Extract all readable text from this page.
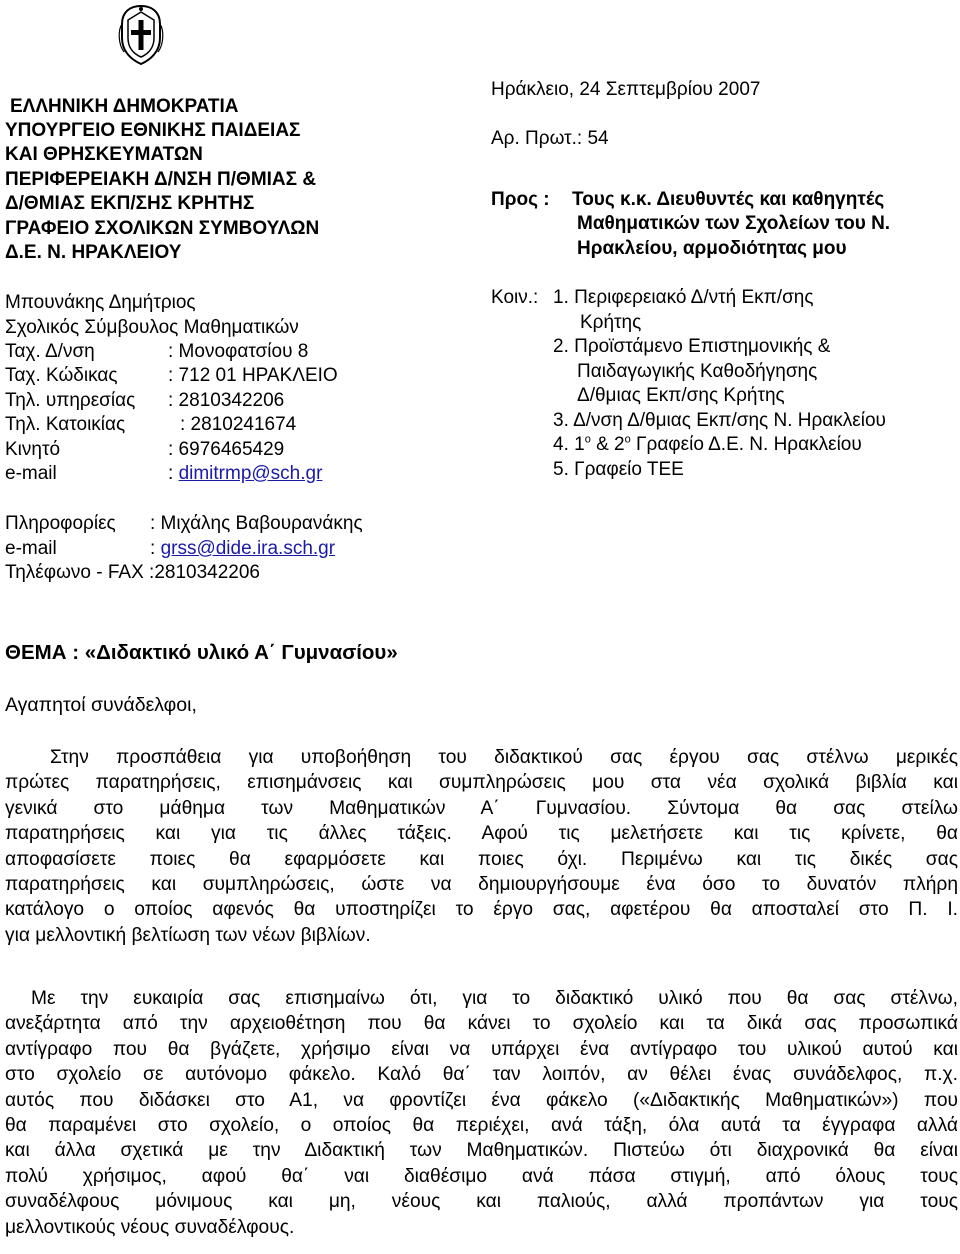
ΕΛΛΗΝΙΚΗ ΔΗΜΟΚΡΑΤΙΑ
ΥΠΟΥΡΓΕΙΟ ΕΘΝΙΚΗΣ ΠΑΙΔΕΙΑΣ
ΚΑΙ ΘΡΗΣΚΕΥΜΑΤΩΝ
ΠΕΡΙΦΕΡΕΙΑΚΗ Δ/ΝΣΗ Π/ΘΜΙΑΣ &
Δ/ΘΜΙΑΣ ΕΚΠ/ΣΗΣ ΚΡΗΤΗΣ
ΓΡΑΦΕΙΟ ΣΧΟΛΙΚΩΝ ΣΥΜΒΟΥΛΩΝ
Δ.Ε. Ν. ΗΡΑΚΛΕΙΟΥ
Μπουνάκης Δημήτριος
Σχολικός Σύμβουλος Μαθηματικών
Ταχ. Δ/νση	: Μονοφατσίου 8
Ταχ. Κώδικας	: 712 01 ΗΡΑΚΛΕΙΟ
Τηλ. υπηρεσίας : 2810342206
Τηλ. Κατοικίας	: 2810241674
Κινητό	: 6976465429
e-mail	: dimitrmp@sch.gr
Πληροφορίες : Μιχάλης Βαβουρανάκης
e-mail	: grss@dide.ira.sch.gr
Τηλέφωνο - FAX :2810342206
Ηράκλειο, 24 Σεπτεμβρίου 2007
Αρ. Πρωτ.: 54
Προς : Τους κ.κ. Διευθυντές και καθηγητές
Μαθηματικών των Σχολείων του Ν.
Ηρακλείου, αρμοδιότητας μου
Κοιν.: 1. Περιφερειακό Δ/ντή Εκπ/σης
Κρήτης
2. Προϊστάμενο Επιστημονικής &
Παιδαγωγικής Καθοδήγησης
Δ/θμιας Εκπ/σης Κρήτης
3. Δ/νση Δ/θμιας Εκπ/σης Ν. Ηρακλείου
4. $1^o$ & $2^o$ Γραφείο Δ.Ε. Ν. Ηρακλείου
5. Γραφείο ΤΕΕ
ΘΕΜΑ : «Διδακτικό υλικό Α΄ Γυμνασίου»
Αγαπητοί συνάδελφοι,
Στην προσπάθεια για υποβοήθηση του διδακτικού σας έργου σας στέλνω μερικές
πρώτες παρατηρήσεις, επισημάνσεις και συμπληρώσεις μου στα νέα σχολικά βιβλία και
γενικά στο μάθημα των Μαθηματικών Α΄ Γυμνασίου. Σύντομα θα σας στείλω
παρατηρήσεις και για τις άλλες τάξεις. Αφού τις μελετήσετε και τις κρίνετε, θα
αποφασίσετε ποιες θα εφαρμόσετε και ποιες όχι. Περιμένω και τις δικές σας
παρατηρήσεις και συμπληρώσεις, ώστε να δημιουργήσουμε ένα όσο το δυνατόν πλήρη
κατάλογο ο οποίος αφενός θα υποστηρίζει το έργο σας, αφετέρου θα αποσταλεί στο Π. Ι.
για μελλοντική βελτίωση των νέων βιβλίων.
Με την ευκαιρία σας επισημαίνω ότι, για το διδακτικό υλικό που θα σας στέλνω,
ανεξάρτητα από την αρχειοθέτηση που θα κάνει το σχολείο και τα δικά σας προσωπικά
αντίγραφο που θα βγάζετε, χρήσιμο είναι να υπάρχει ένα αντίγραφο του υλικού αυτού και
στο σχολείο σε αυτόνομο φάκελο. Καλό θα΄ ταν λοιπόν, αν θέλει ένας συνάδελφος, π.χ.
αυτός που διδάσκει στο Α1, να φροντίζει ένα φάκελο («Διδακτικής Μαθηματικών») που
θα παραμένει στο σχολείο, ο οποίος θα περιέχει, ανά τάξη, όλα αυτά τα έγγραφα αλλά
και άλλα σχετικά με την Διδακτική των Μαθηματικών. Πιστεύω ότι διαχρονικά θα είναι
πολύ χρήσιμος, αφού θα΄ ναι διαθέσιμο ανά πάσα στιγμή, από όλους τους
συναδέλφους μόνιμους και μη, νέους και παλιούς, αλλά προπάντων για τους
μελλοντικούς νέους συναδέλφους.
